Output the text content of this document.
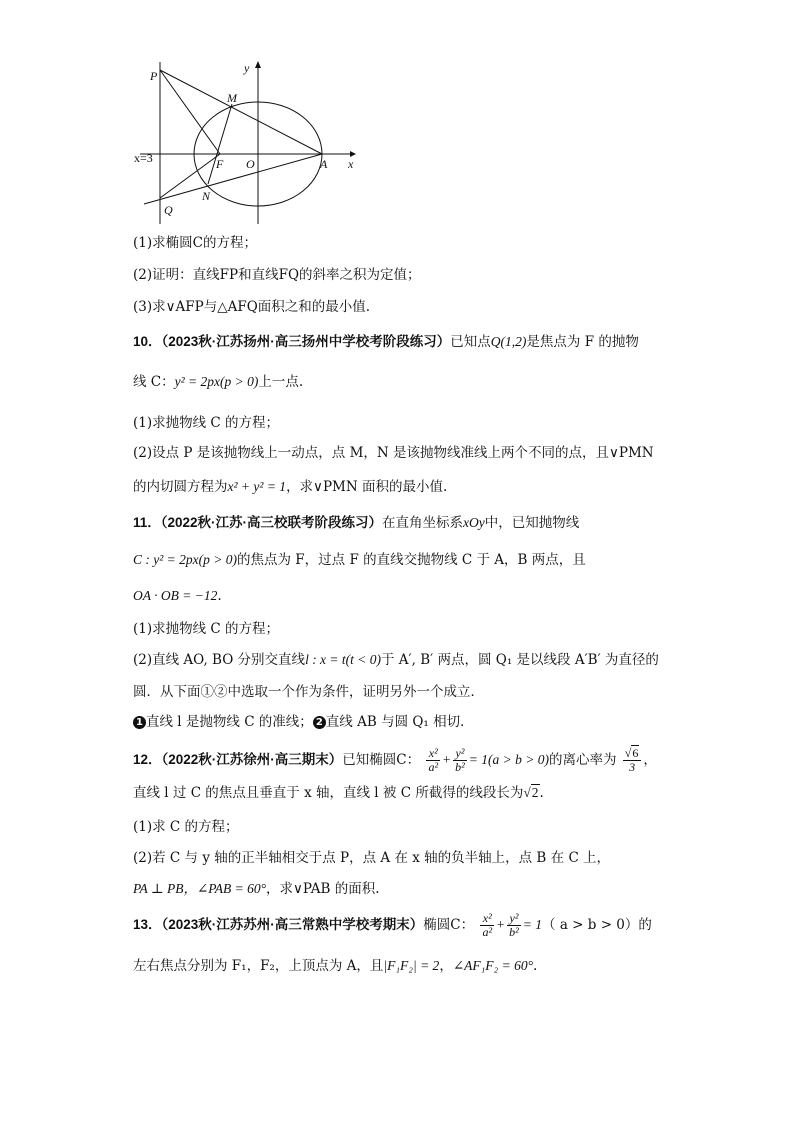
P
M
y
x=3	F O	A x
N
Q
(1)求椭圆C的方程；
(2)证明：直线FP和直线FQ的斜率之积为定值；
(3)求∨AFP与△AFQ面积之和的最小值.
10．（2023秋·江苏扬州·高三扬州中学校考阶段练习）已知点Q(1,2)是焦点为 F 的抛物
线 C：y² = 2px(p > 0)上一点.
(1)求抛物线 C 的方程；
(2)设点 P 是该抛物线上一动点，点 M，N 是该抛物线准线上两个不同的点，且∨PMN
的内切圆方程为x² + y² = 1，求∨PMN 面积的最小值.
11．（2022秋·江苏·高三校联考阶段练习）在直角坐标系xOy中，已知抛物线
C : y² = 2px(p > 0)的焦点为 F，过点 F 的直线交抛物线 C 于 A，B 两点，且
OA · OB = −12.
(1)求抛物线 C 的方程；
(2)直线 AO, BO 分别交直线l : x = t(t < 0)于 A′, B′ 两点，圆 Q₁ 是以线段 A′B′ 为直径的
圆．从下面①②中选取一个作为条件，证明另外一个成立．
1 直线 l 是抛物线 C 的准线； 2 直线 AB 与圆 Q₁ 相切．
12．（2022秋·江苏徐州·高三期末）已知椭圆C： $\frac{\text{x²}}{\text{a²}} + \frac{\text{y²}}{\text{b²}} = 1(a > b > 0)$的离心率为 $\frac{√6}{3}$ ，
直线 l 过 C 的焦点且垂直于 x 轴，直线 l 被 C 所截得的线段长为√2.
(1)求 C 的方程；
(2)若 C 与 y 轴的正半轴相交于点 P，点 A 在 x 轴的负半轴上，点 B 在 C 上，
PA ⊥ PB，∠PAB = 60°，求∨PAB 的面积.
13．（2023秋·江苏苏州·高三常熟中学校考期末）椭圆C： $\frac{\text{x²}}{\text{a²}} + \frac{\text{y²}}{\text{b²}} = 1$（ a > b > 0）的
左右焦点分别为 F₁，F₂，上顶点为 A，且|F₁F₂| = 2，∠AF₁F₂ = 60°.
